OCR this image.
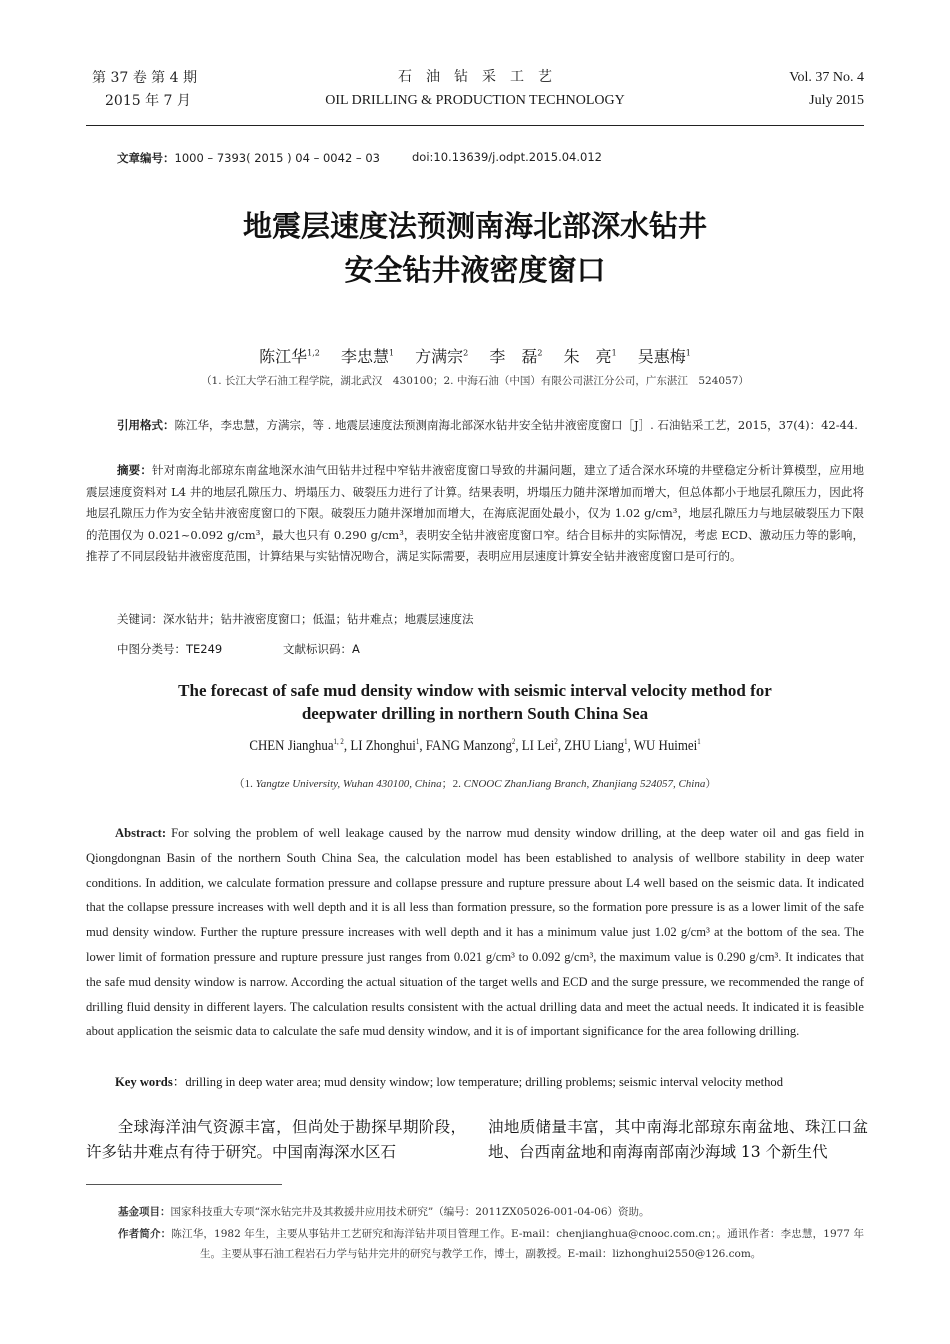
第 37 卷 第 4 期
2015 年 7 月
石　油　钻　采　工　艺
OIL DRILLING & PRODUCTION TECHNOLOGY
Vol. 37 No. 4
July 2015
文章编号：1000 – 7393( 2015 ) 04 – 0042 – 03	doi:10.13639/j.odpt.2015.04.012
地震层速度法预测南海北部深水钻井
安全钻井液密度窗口
陈江华$^{1,2}$　 李忠慧$^1$　 方满宗$^2$　 李　磊$^2$　 朱　亮$^1$　 吴惠梅$^1$
（1. 长江大学石油工程学院，湖北武汉　430100；2. 中海石油（中国）有限公司湛江分公司，广东湛江　524057）
引用格式：陈江华，李忠慧，方满宗，等 . 地震层速度法预测南海北部深水钻井安全钻井液密度窗口［J］. 石油钻采工艺，2015，37(4)：42-44.
摘要：针对南海北部琼东南盆地深水油气田钻井过程中窄钻井液密度窗口导致的井漏问题，建立了适合深水环境的井壁稳定分析计算模型，应用地震层速度资料对 L4 井的地层孔隙压力、坍塌压力、破裂压力进行了计算。结果表明，坍塌压力随井深增加而增大，但总体都小于地层孔隙压力，因此将地层孔隙压力作为安全钻井液密度窗口的下限。破裂压力随井深增加而增大，在海底泥面处最小，仅为 1.02 g/cm³，地层孔隙压力与地层破裂压力下限的范围仅为 0.021~0.092 g/cm³，最大也只有 0.290 g/cm³，表明安全钻井液密度窗口窄。结合目标井的实际情况，考虑 ECD、激动压力等的影响，推荐了不同层段钻井液密度范围，计算结果与实钻情况吻合，满足实际需要，表明应用层速度计算安全钻井液密度窗口是可行的。
关键词：深水钻井；钻井液密度窗口；低温；钻井难点；地震层速度法
中图分类号：TE249	文献标识码：A
The forecast of safe mud density window with seismic interval velocity method for
deepwater drilling in northern South China Sea
CHEN Jianghua$^{1, 2}$, LI Zhonghui$^1$, FANG Manzong$^2$, LI Lei$^2$, ZHU Liang$^1$, WU Huimei$^1$
（1. Yangtze University, Wuhan 430100, China；2. CNOOC ZhanJiang Branch, Zhanjiang 524057, China）
Abstract: For solving the problem of well leakage caused by the narrow mud density window drilling, at the deep water oil and gas field in Qiongdongnan Basin of the northern South China Sea, the calculation model has been established to analysis of wellbore stability in deep water conditions. In addition, we calculate formation pressure and collapse pressure and rupture pressure about L4 well based on the seismic data. It indicated that the collapse pressure increases with well depth and it is all less than formation pressure, so the formation pore pressure is as a lower limit of the safe mud density window. Further the rupture pressure increases with well depth and it has a minimum value just 1.02 g/cm³ at the bottom of the sea. The lower limit of formation pressure and rupture pressure just ranges from 0.021 g/cm³ to 0.092 g/cm³, the maximum value is 0.290 g/cm³. It indicates that the safe mud density window is narrow. According the actual situation of the target wells and ECD and the surge pressure, we recommended the range of drilling fluid density in different layers. The calculation results consistent with the actual drilling data and meet the actual needs. It indicated it is feasible about application the seismic data to calculate the safe mud density window, and it is of important significance for the area following drilling.
Key words：drilling in deep water area; mud density window; low temperature; drilling problems; seismic interval velocity method
　　全球海洋油气资源丰富，但尚处于勘探早期阶段，许多钻井难点有待于研究。中国南海深水区石
油地质储量丰富，其中南海北部琼东南盆地、珠江口盆地、台西南盆地和南海南部南沙海域 13 个新生代
基金项目：国家科技重大专项“深水钻完井及其救援井应用技术研究”（编号：2011ZX05026-001-04-06）资助。
作者简介：陈江华，1982 年生，主要从事钻井工艺研究和海洋钻井项目管理工作。E-mail：chenjianghua@cnooc.com.cn；。通讯作者：李忠慧，1977 年生。主要从事石油工程岩石力学与钻井完井的研究与教学工作，博士，副教授。E-mail：lizhonghui2550@126.com。
